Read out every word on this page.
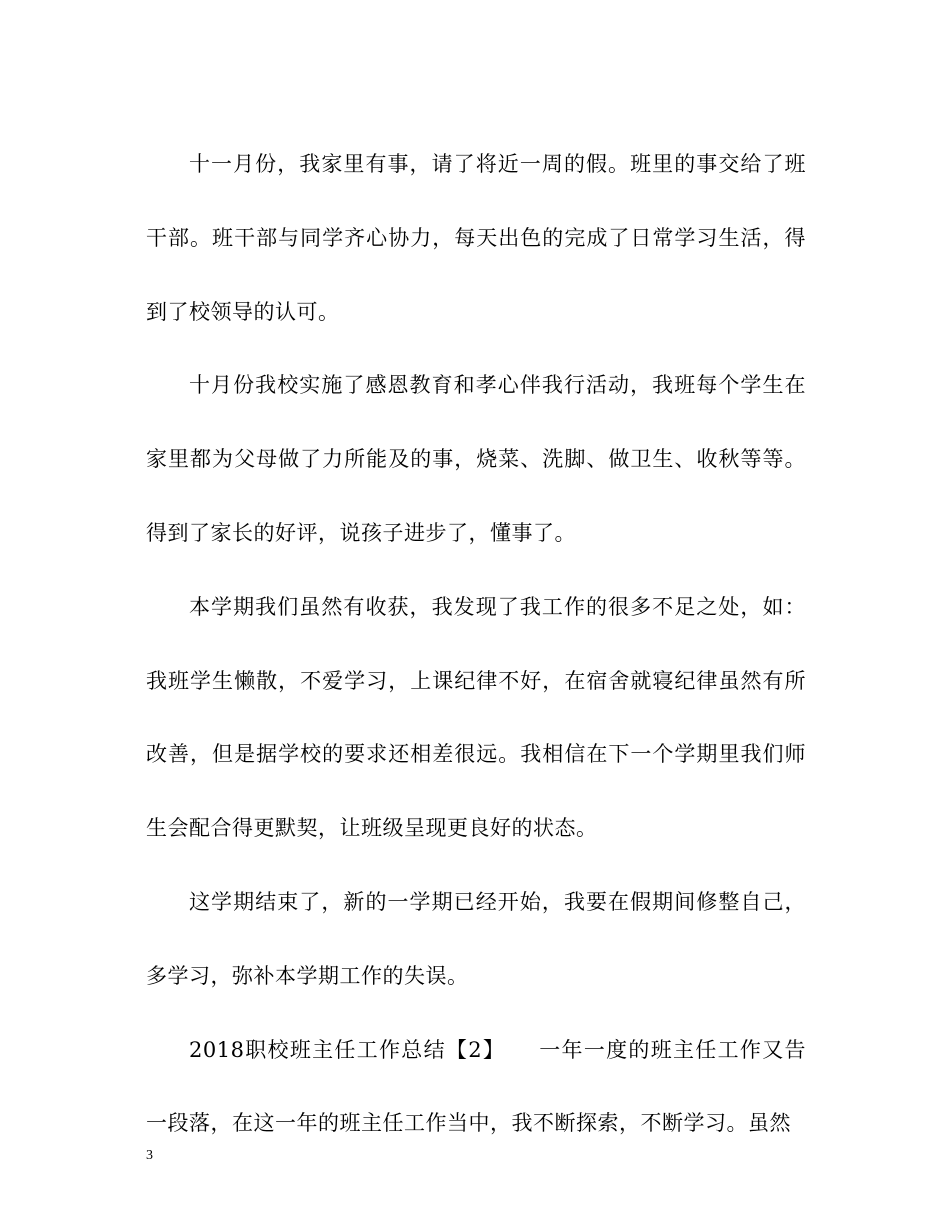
十一月份，我家里有事，请了将近一周的假。班里的事交给了班干部。班干部与同学齐心协力，每天出色的完成了日常学习生活，得到了校领导的认可。

十月份我校实施了感恩教育和孝心伴我行活动，我班每个学生在家里都为父母做了力所能及的事，烧菜、洗脚、做卫生、收秋等等。得到了家长的好评，说孩子进步了，懂事了。

本学期我们虽然有收获，我发现了我工作的很多不足之处，如：我班学生懒散，不爱学习，上课纪律不好，在宿舍就寝纪律虽然有所改善，但是据学校的要求还相差很远。我相信在下一个学期里我们师生会配合得更默契，让班级呈现更良好的状态。

这学期结束了，新的一学期已经开始，我要在假期间修整自己，多学习，弥补本学期工作的失误。

2018职校班主任工作总结【2】　　一年一度的班主任工作又告一段落，在这一年的班主任工作当中，我不断探索，不断学习。虽然

3
